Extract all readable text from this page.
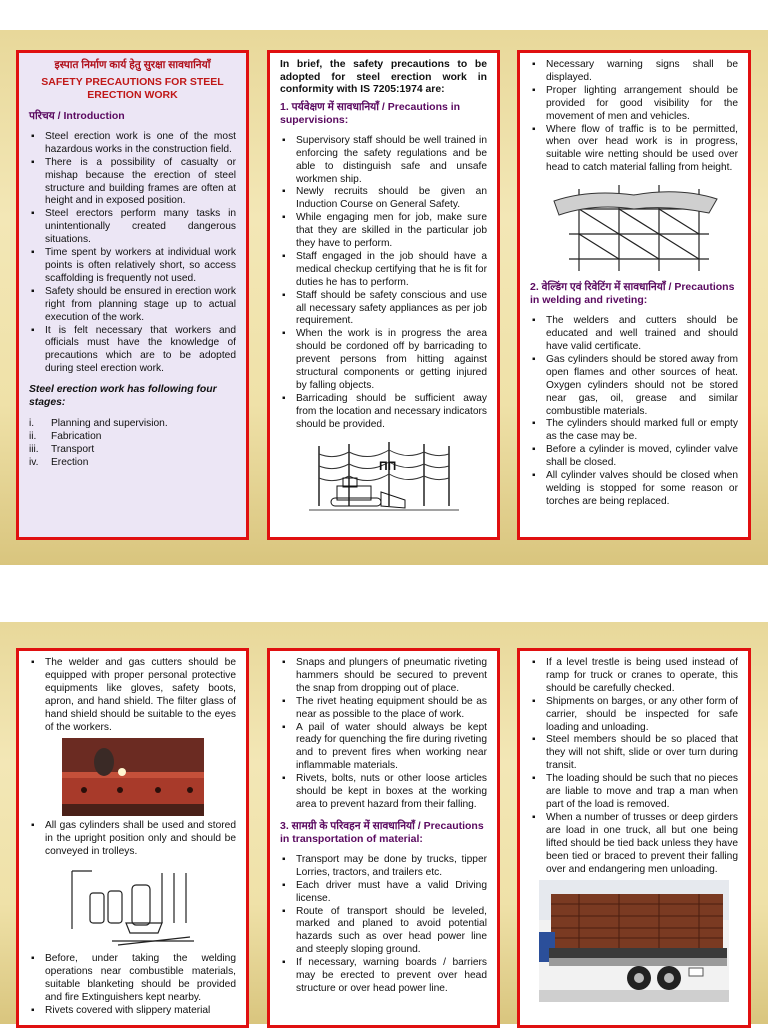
इस्पात निर्माण कार्य हेतु सुरक्षा सावधानियाँ
SAFETY PRECAUTIONS FOR STEEL ERECTION WORK
परिचय / Introduction
▪ Steel erection work is one of the most hazardous works in the construction field.
▪ There is a possibility of casualty or mishap because the erection of steel structure and building frames are often at height and in exposed position.
▪ Steel erectors perform many tasks in unintentionally created dangerous situations.
▪ Time spent by workers at individual work points is often relatively short, so access scaffolding is frequently not used.
▪ Safety should be ensured in erection work right from planning stage up to actual execution of the work.
▪ It is felt necessary that workers and officials must have the knowledge of precautions which are to be adopted during steel erection work.
Steel erection work has following four stages:
i.	Planning and supervision.
ii.	Fabrication
iii.	Transport
iv.	Erection
In brief, the safety precautions to be adopted for steel erection work in conformity with IS 7205:1974 are:
1. पर्यवेक्षण में सावधानियाँ / Precautions in supervisions:
▪ Supervisory staff should be well trained in enforcing the safety regulations and be able to distinguish safe and unsafe workmen ship.
▪ Newly recruits should be given an Induction Course on General Safety.
▪ While engaging men for job, make sure that they are skilled in the particular job they have to perform.
▪ Staff engaged in the job should have a medical checkup certifying that he is fit for duties he has to perform.
▪ Staff should be safety conscious and use all necessary safety appliances as per job requirement.
▪ When the work is in progress the area should be cordoned off by barricading to prevent persons from hitting against structural components or getting injured by falling objects.
▪ Barricading should be sufficient away from the location and necessary indicators should be provided.
ПП
▪ Necessary warning signs shall be displayed.
▪ Proper lighting arrangement should be provided for good visibility for the movement of men and vehicles.
▪ Where flow of traffic is to be permitted, when over head work is in progress, suitable wire netting should be used over head to catch material falling from height.
2. वेल्डिंग एवं रिवेटिंग में सावधानियाँ / Precautions in welding and riveting:
▪ The welders and cutters should be educated and well trained and should have valid certificate.
▪ Gas cylinders should be stored away from open flames and other sources of heat. Oxygen cylinders should not be stored near gas, oil, grease and similar combustible materials.
▪ The cylinders should marked full or empty as the case may be.
▪ Before a cylinder is moved, cylinder valve shall be closed.
▪ All cylinder valves should be closed when welding is stopped for some reason or torches are being replaced.
▪ The welder and gas cutters should be equipped with proper personal protective equipments like gloves, safety boots, apron, and hand shield. The filter glass of hand shield should be suitable to the eyes of the workers.
▪ All gas cylinders shall be used and stored in the upright position only and should be conveyed in trolleys.
▪ Before, under taking the welding operations near combustible materials, suitable blanketing should be provided and fire Extinguishers kept nearby.
▪ Rivets covered with slippery material
▪ Snaps and plungers of pneumatic riveting hammers should be secured to prevent the snap from dropping out of place.
▪ The rivet heating equipment should be as near as possible to the place of work.
▪ A pail of water should always be kept ready for quenching the fire during riveting and to prevent fires when working near inflammable materials.
▪ Rivets, bolts, nuts or other loose articles should be kept in boxes at the working area to prevent hazard from their falling.
3. सामग्री के परिवहन में सावधानियाँ / Precautions in transportation of material:
▪ Transport may be done by trucks, tipper Lorries, tractors, and trailers etc.
▪ Each driver must have a valid Driving license.
▪ Route of transport should be leveled, marked and planed to avoid potential hazards such as over head power line and steeply sloping ground.
▪ If necessary, warning boards / barriers may be erected to prevent over head structure or over head power line.
▪ If a level trestle is being used instead of ramp for truck or cranes to operate, this should be carefully checked.
▪ Shipments on barges, or any other form of carrier, should be inspected for safe loading and unloading.
▪ Steel members should be so placed that they will not shift, slide or over turn during transit.
▪ The loading should be such that no pieces are liable to move and trap a man when part of the load is removed.
▪ When a number of trusses or deep girders are load in one truck, all but one being lifted should be tied back unless they have been tied or braced to prevent their falling over and endangering men unloading.
